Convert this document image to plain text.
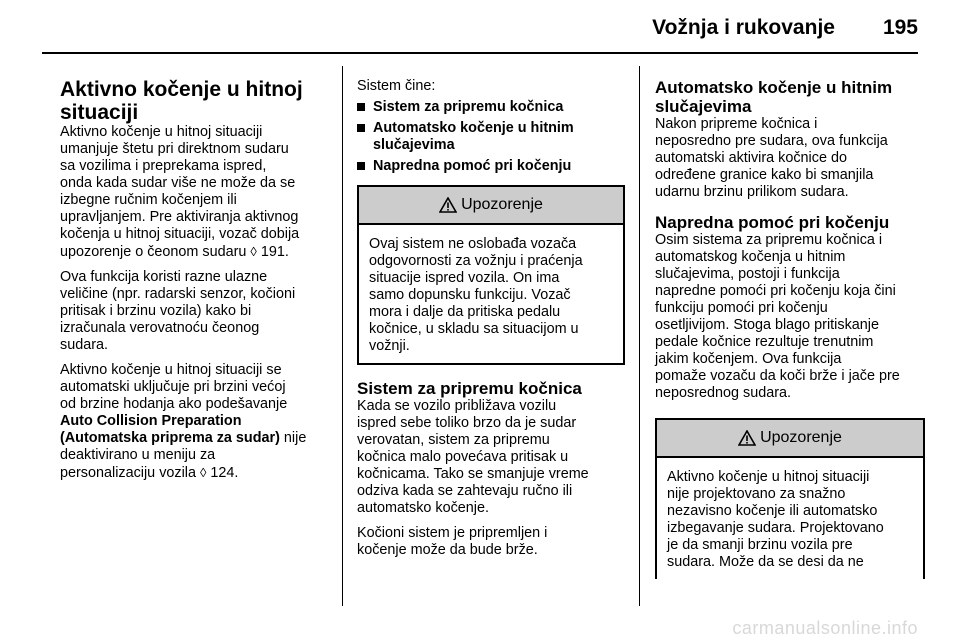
Vožnja i rukovanje 195
Aktivno kočenje u hitnoj
situaciji

Aktivno kočenje u hitnoj situaciji
umanjuje štetu pri direktnom sudaru
sa vozilima i preprekama ispred,
onda kada sudar više ne može da se
izbegne ručnim kočenjem ili
upravljanjem. Pre aktiviranja aktivnog
kočenja u hitnoj situaciji, vozač dobija
upozorenje o čeonom sudaru ◊ 191.

Ova funkcija koristi razne ulazne
veličine (npr. radarski senzor, kočioni
pritisak i brzinu vozila) kako bi
izračunala verovatnoću čeonog
sudara.

Aktivno kočenje u hitnoj situaciji se
automatski uključuje pri brzini većoj
od brzine hodanja ako podešavanje
Auto Collision Preparation
(Automatska priprema za sudar) nije
deaktivirano u meniju za
personalizaciju vozila ◊ 124.

Sistem čine:

Sistem za pripremu kočnica
Automatsko kočenje u hitnim slučajevima
Napredna pomoć pri kočenju
Upozorenje
Ovaj sistem ne oslobađa vozača
odgovornosti za vožnju i praćenja
situacije ispred vozila. On ima
samo dopunsku funkciju. Vozač
mora i dalje da pritiska pedalu
kočnice, u skladu sa situacijom u
vožnji.
Sistem za pripremu kočnica

Kada se vozilo približava vozilu
ispred sebe toliko brzo da je sudar
verovatan, sistem za pripremu
kočnica malo povećava pritisak u
kočnicama. Tako se smanjuje vreme
odziva kada se zahtevaju ručno ili
automatsko kočenje.

Kočioni sistem je pripremljen i
kočenje može da bude brže.

Automatsko kočenje u hitnim
slučajevima

Nakon pripreme kočnica i
neposredno pre sudara, ova funkcija
automatski aktivira kočnice do
određene granice kako bi smanjila
udarnu brzinu prilikom sudara.

Napredna pomoć pri kočenju

Osim sistema za pripremu kočnica i
automatskog kočenja u hitnim
slučajevima, postoji i funkcija
napredne pomoći pri kočenju koja čini
funkciju pomoći pri kočenju
osetljivijom. Stoga blago pritiskanje
pedale kočnice rezultuje trenutnim
jakim kočenjem. Ova funkcija
pomaže vozaču da koči brže i jače pre
neposrednog sudara.

Upozorenje
Aktivno kočenje u hitnoj situaciji
nije projektovano za snažno
nezavisno kočenje ili automatsko
izbegavanje sudara. Projektovano
je da smanji brzinu vozila pre
sudara. Može da se desi da ne
carmanualsonline.info
